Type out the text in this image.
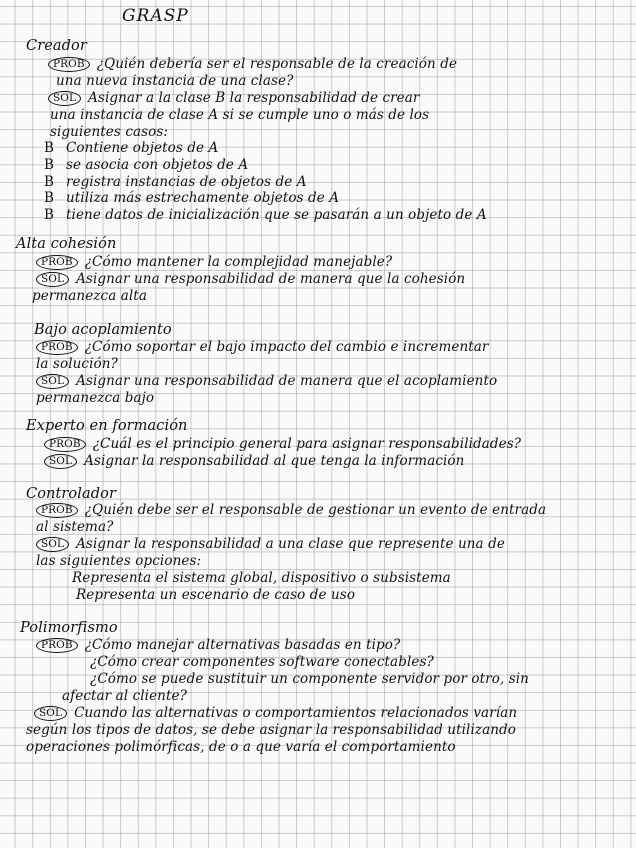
GRASP

Creador

PROB ¿Quién debería ser el responsable de la creación de

una nueva instancia de una clase?

SOL Asignar a la clase B la responsabilidad de crear

una instancia de clase A si se cumple uno o más de los

siguientes casos:

B Contiene objetos de A

B se asocia con objetos de A

B registra instancias de objetos de A

B utiliza más estrechamente objetos de A

B tiene datos de inicialización que se pasarán a un objeto de A

Alta cohesión

PROB ¿Cómo mantener la complejidad manejable?

SOL Asignar una responsabilidad de manera que la cohesión

permanezca alta

Bajo acoplamiento

PROB ¿Cómo soportar el bajo impacto del cambio e incrementar

la solución?

SOL Asignar una responsabilidad de manera que el acoplamiento

permanezca bajo

Experto en formación

PROB ¿Cuál es el principio general para asignar responsabilidades?

SOL Asignar la responsabilidad al que tenga la información

Controlador

PROB ¿Quién debe ser el responsable de gestionar un evento de entrada

al sistema?

SOL Asignar la responsabilidad a una clase que represente una de

las siguientes opciones:

Representa el sistema global, dispositivo o subsistema

Representa un escenario de caso de uso

Polimorfismo

PROB ¿Cómo manejar alternativas basadas en tipo?

¿Cómo crear componentes software conectables?

¿Cómo se puede sustituir un componente servidor por otro, sin

afectar al cliente?

SOL Cuando las alternativas o comportamientos relacionados varían

según los tipos de datos, se debe asignar la responsabilidad utilizando

operaciones polimórficas, de o a que varía el comportamiento
